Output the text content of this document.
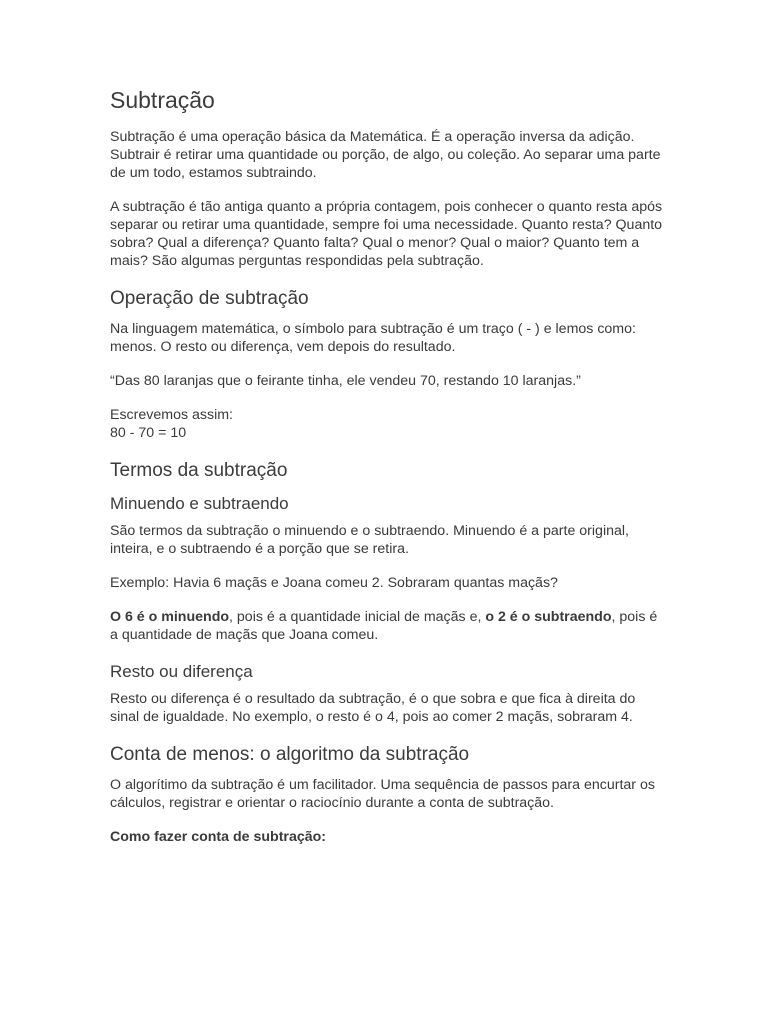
Subtração

Subtração é uma operação básica da Matemática. É a operação inversa da adição. Subtrair é retirar uma quantidade ou porção, de algo, ou coleção. Ao separar uma parte de um todo, estamos subtraindo.

A subtração é tão antiga quanto a própria contagem, pois conhecer o quanto resta após separar ou retirar uma quantidade, sempre foi uma necessidade. Quanto resta? Quanto sobra? Qual a diferença? Quanto falta? Qual o menor? Qual o maior? Quanto tem a mais? São algumas perguntas respondidas pela subtração.

Operação de subtração

Na linguagem matemática, o símbolo para subtração é um traço ( - ) e lemos como: menos. O resto ou diferença, vem depois do resultado.

“Das 80 laranjas que o feirante tinha, ele vendeu 70, restando 10 laranjas.”

Escrevemos assim:
80 - 70 = 10

Termos da subtração
Minuendo e subtraendo

São termos da subtração o minuendo e o subtraendo. Minuendo é a parte original, inteira, e o subtraendo é a porção que se retira.

Exemplo: Havia 6 maçãs e Joana comeu 2. Sobraram quantas maçãs?

O 6 é o minuendo, pois é a quantidade inicial de maçãs e, o 2 é o subtraendo, pois é a quantidade de maçãs que Joana comeu.

Resto ou diferença

Resto ou diferença é o resultado da subtração, é o que sobra e que fica à direita do sinal de igualdade. No exemplo, o resto é o 4, pois ao comer 2 maçãs, sobraram 4.

Conta de menos: o algoritmo da subtração

O algorítimo da subtração é um facilitador. Uma sequência de passos para encurtar os cálculos, registrar e orientar o raciocínio durante a conta de subtração.

Como fazer conta de subtração:
